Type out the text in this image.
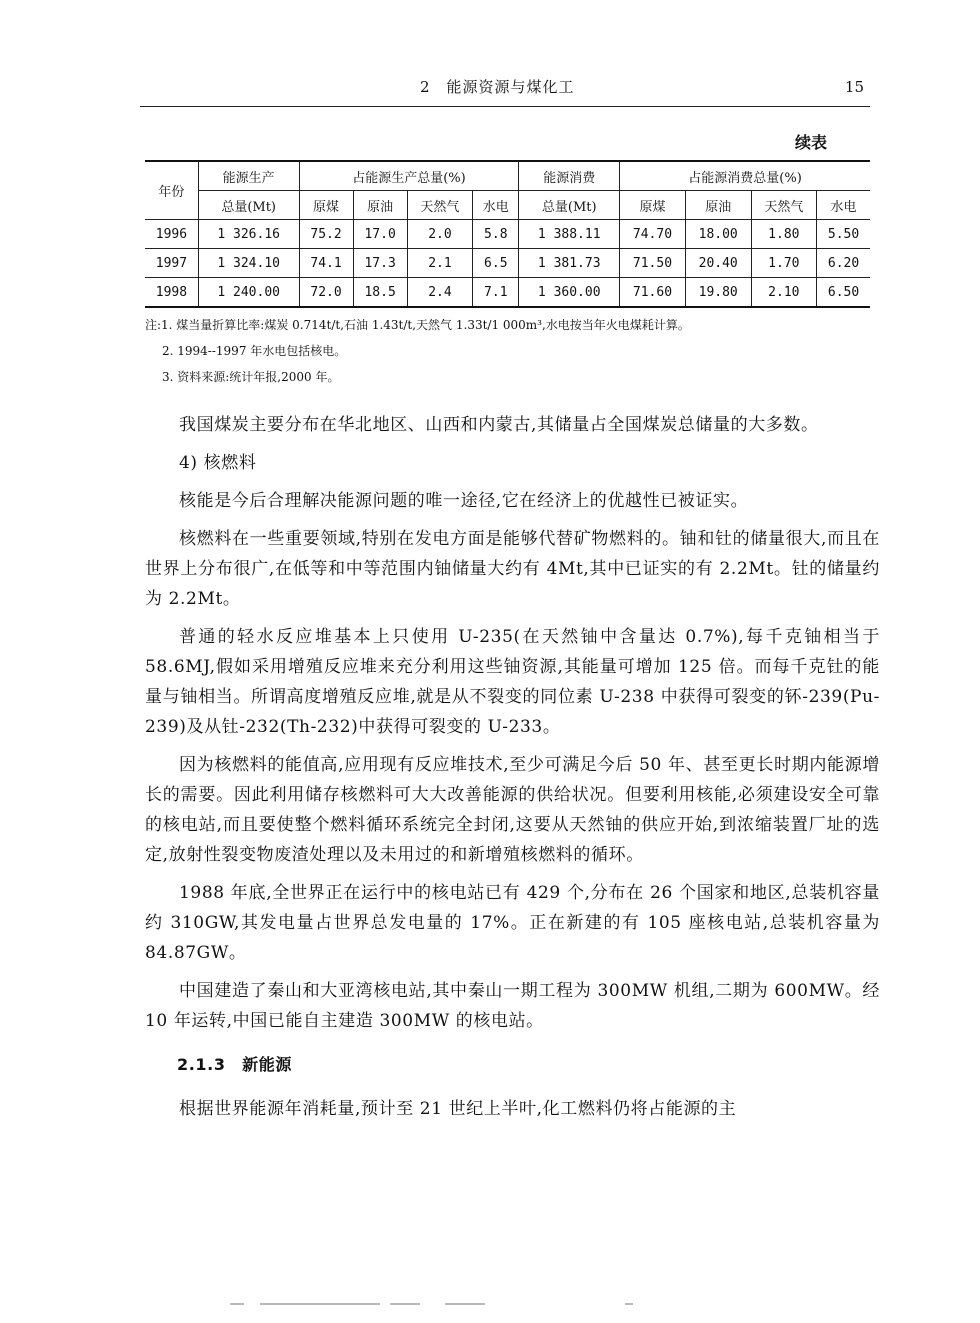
2　能源资源与煤化工	15
续表
年份	能源生产	占能源生产总量(%)				能源消费	占能源消费总量(%)			
	总量(Mt)	原煤	原油	天然气	水电	总量(Mt)	原煤	原油	天然气	水电
1996	1 326.16	75.2	17.0	2.0	5.8	1 388.11	74.70	18.00	1.80	5.50
1997	1 324.10	74.1	17.3	2.1	6.5	1 381.73	71.50	20.40	1.70	6.20
1998	1 240.00	72.0	18.5	2.4	7.1	1 360.00	71.60	19.80	2.10	6.50
注:1. 煤当量折算比率:煤炭 0.714t/t,石油 1.43t/t,天然气 1.33t/1 000m³,水电按当年火电煤耗计算。
2. 1994--1997 年水电包括核电。
3. 资料来源:统计年报,2000 年。

我国煤炭主要分布在华北地区、山西和内蒙古,其储量占全国煤炭总储量的大多数。

4) 核燃料

核能是今后合理解决能源问题的唯一途径,它在经济上的优越性已被证实。

核燃料在一些重要领域,特别在发电方面是能够代替矿物燃料的。铀和钍的储量很大,而且在世界上分布很广,在低等和中等范围内铀储量大约有 4Mt,其中已证实的有 2.2Mt。钍的储量约为 2.2Mt。

普通的轻水反应堆基本上只使用 U-235(在天然铀中含量达 0.7%),每千克铀相当于 58.6MJ,假如采用增殖反应堆来充分利用这些铀资源,其能量可增加 125 倍。而每千克钍的能量与铀相当。所谓高度增殖反应堆,就是从不裂变的同位素 U-238 中获得可裂变的钚-239(Pu-239)及从钍-232(Th-232)中获得可裂变的 U-233。

因为核燃料的能值高,应用现有反应堆技术,至少可满足今后 50 年、甚至更长时期内能源增长的需要。因此利用储存核燃料可大大改善能源的供给状况。但要利用核能,必须建设安全可靠的核电站,而且要使整个燃料循环系统完全封闭,这要从天然铀的供应开始,到浓缩装置厂址的选定,放射性裂变物废渣处理以及未用过的和新增殖核燃料的循环。

1988 年底,全世界正在运行中的核电站已有 429 个,分布在 26 个国家和地区,总装机容量约 310GW,其发电量占世界总发电量的 17%。正在新建的有 105 座核电站,总装机容量为 84.87GW。

中国建造了秦山和大亚湾核电站,其中秦山一期工程为 300MW 机组,二期为 600MW。经 10 年运转,中国已能自主建造 300MW 的核电站。

2.1.3　新能源

根据世界能源年消耗量,预计至 21 世纪上半叶,化工燃料仍将占能源的主
